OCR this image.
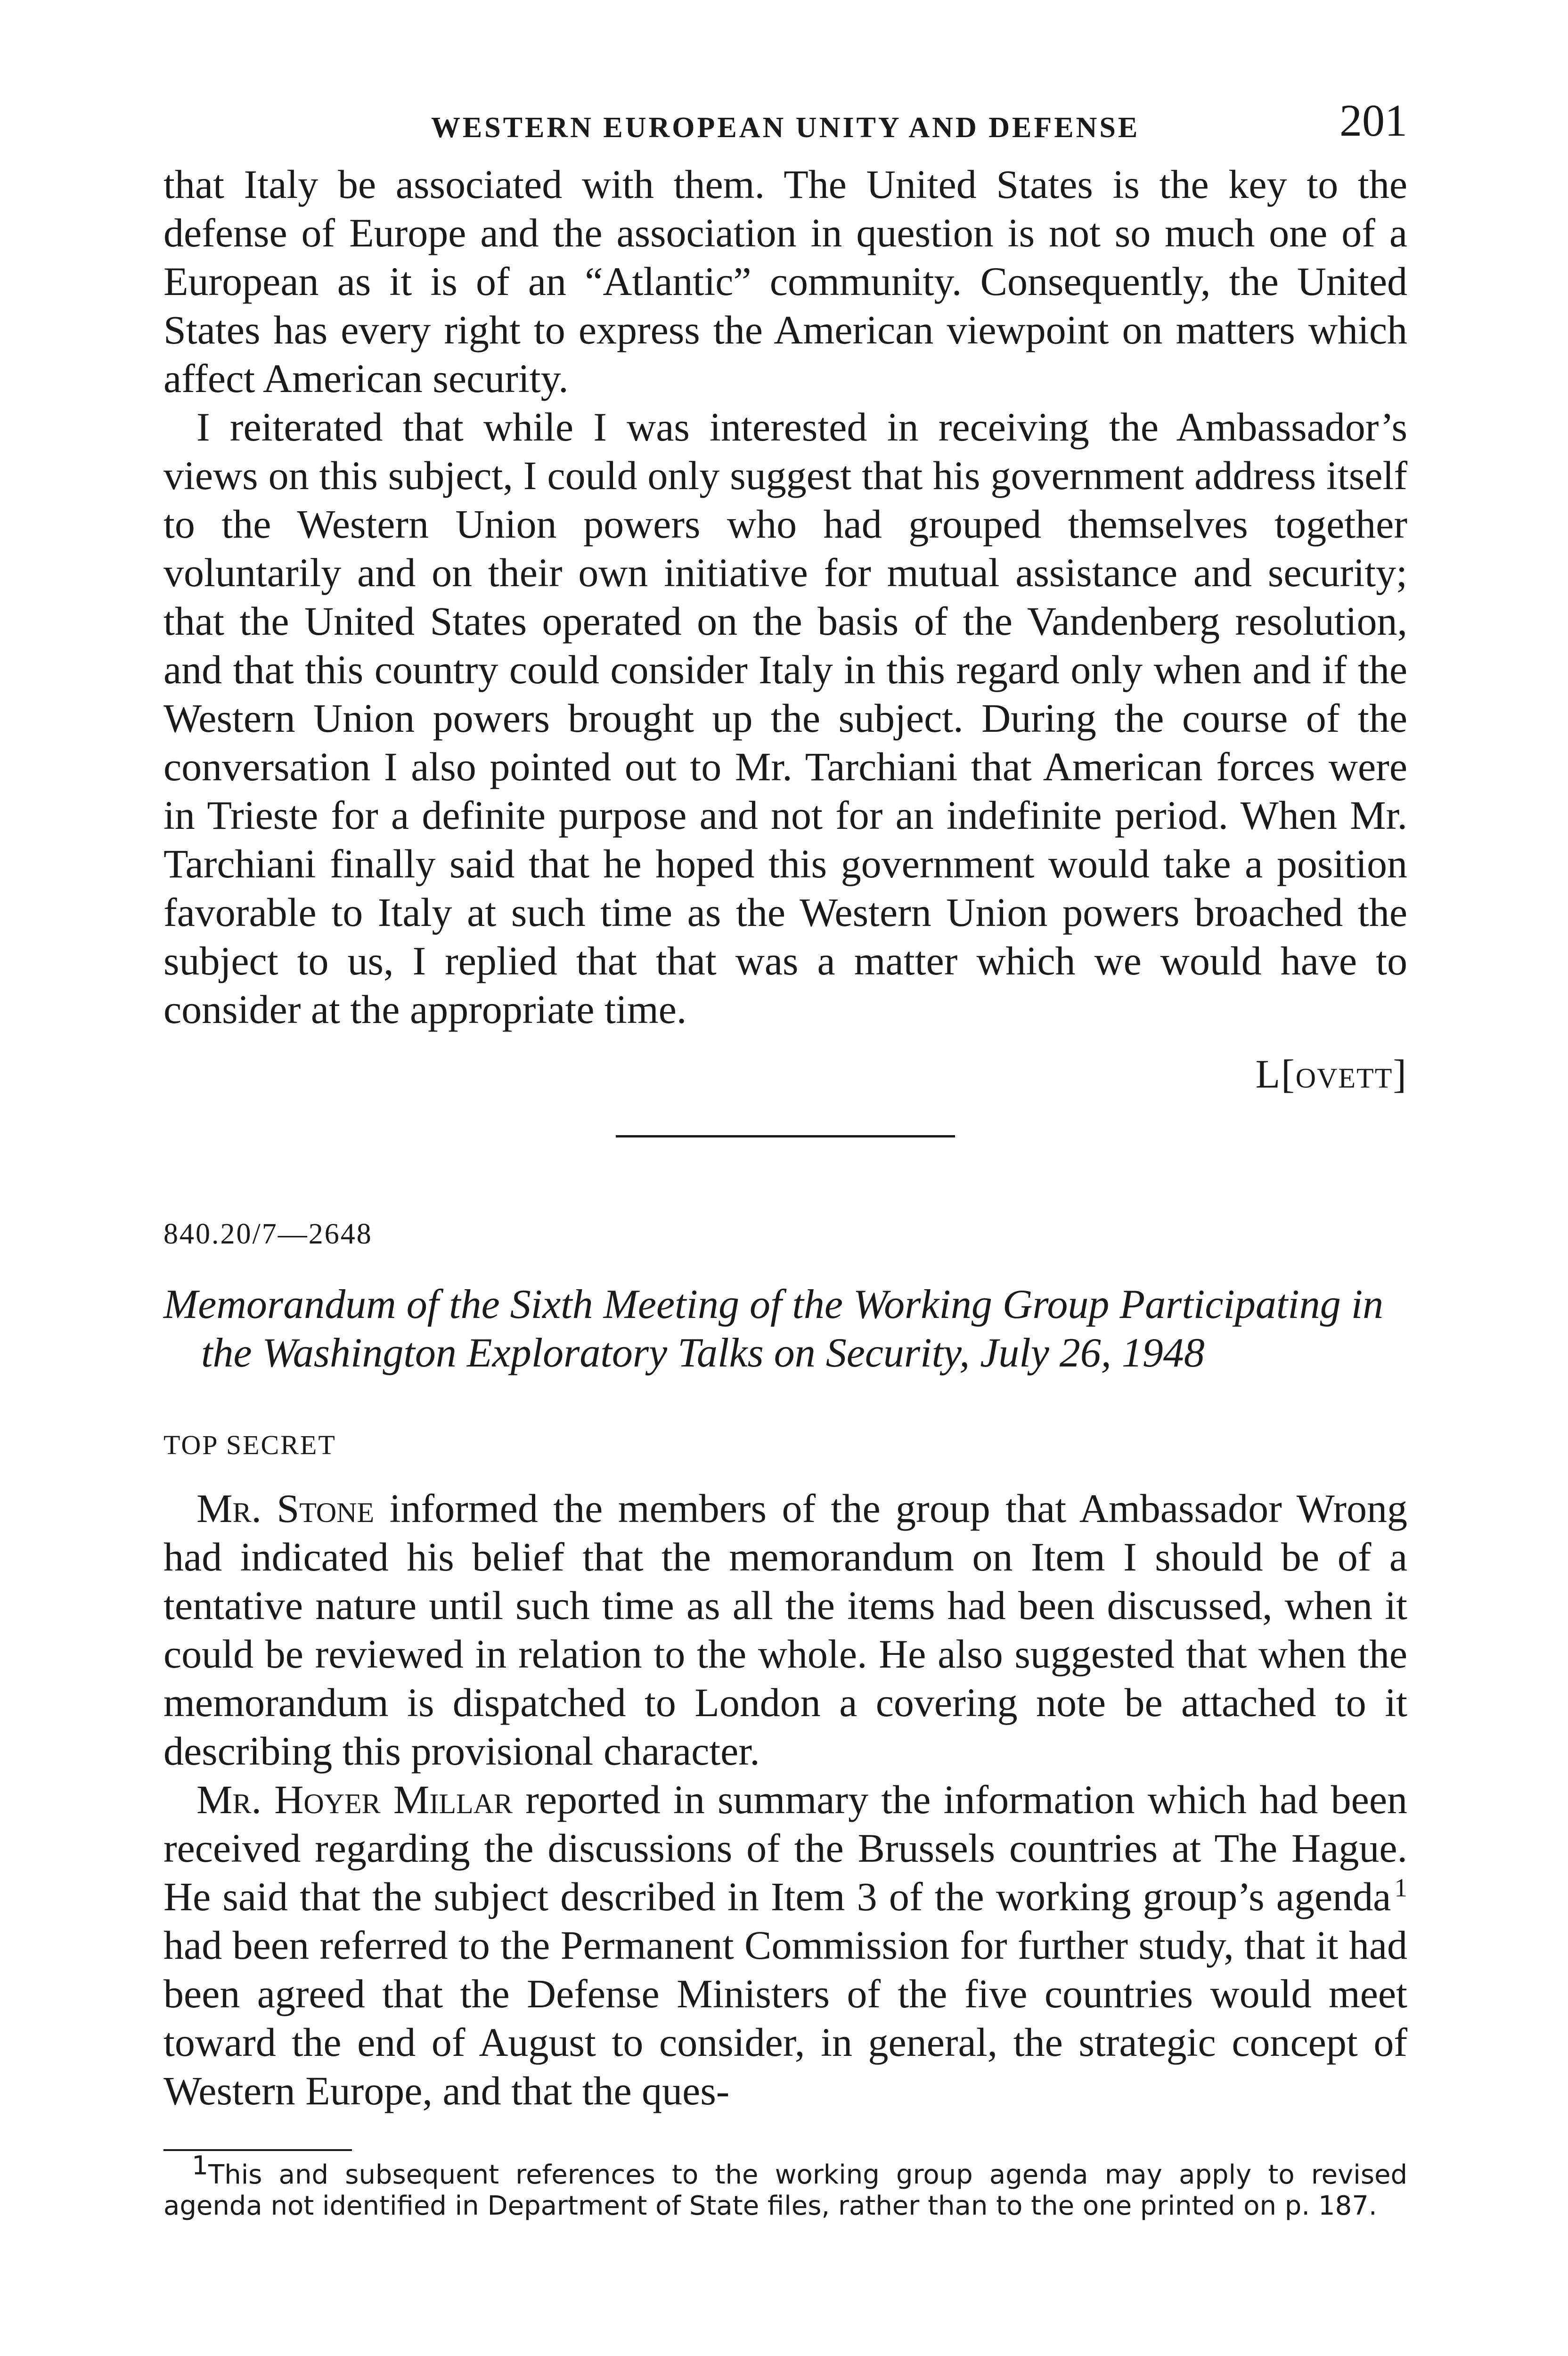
WESTERN EUROPEAN UNITY AND DEFENSE	201

that Italy be associated with them. The United States is the key to the defense of Europe and the association in question is not so much one of a European as it is of an “Atlantic” community. Consequently, the United States has every right to express the American viewpoint on matters which affect American security.

I reiterated that while I was interested in receiving the Ambassador’s views on this subject, I could only suggest that his government address itself to the Western Union powers who had grouped themselves together voluntarily and on their own initiative for mutual assistance and security; that the United States operated on the basis of the Vandenberg resolution, and that this country could consider Italy in this regard only when and if the Western Union powers brought up the subject. During the course of the conversation I also pointed out to Mr. Tarchiani that American forces were in Trieste for a definite purpose and not for an indefinite period. When Mr. Tarchiani finally said that he hoped this government would take a position favorable to Italy at such time as the Western Union powers broached the subject to us, I replied that that was a matter which we would have to consider at the appropriate time.

L[ovett]
840.20/7—2648
Memorandum of the Sixth Meeting of the Working Group Participating in the Washington Exploratory Talks on Security, July 26, 1948
TOP SECRET

Mr. Stone informed the members of the group that Ambassador Wrong had indicated his belief that the memorandum on Item I should be of a tentative nature until such time as all the items had been discussed, when it could be reviewed in relation to the whole. He also suggested that when the memorandum is dispatched to London a covering note be attached to it describing this provisional character.

Mr. Hoyer Millar reported in summary the information which had been received regarding the discussions of the Brussels countries at The Hague. He said that the subject described in Item 3 of the working group’s agenda  $^1$ had been referred to the Permanent Commission for further study, that it had been agreed that the Defense Ministers of the five countries would meet toward the end of August to consider, in general, the strategic concept of Western Europe, and that the ques-

$^1$This and subsequent references to the working group agenda may apply to revised agenda not identified in Department of State files, rather than to the one printed on p. 187.
